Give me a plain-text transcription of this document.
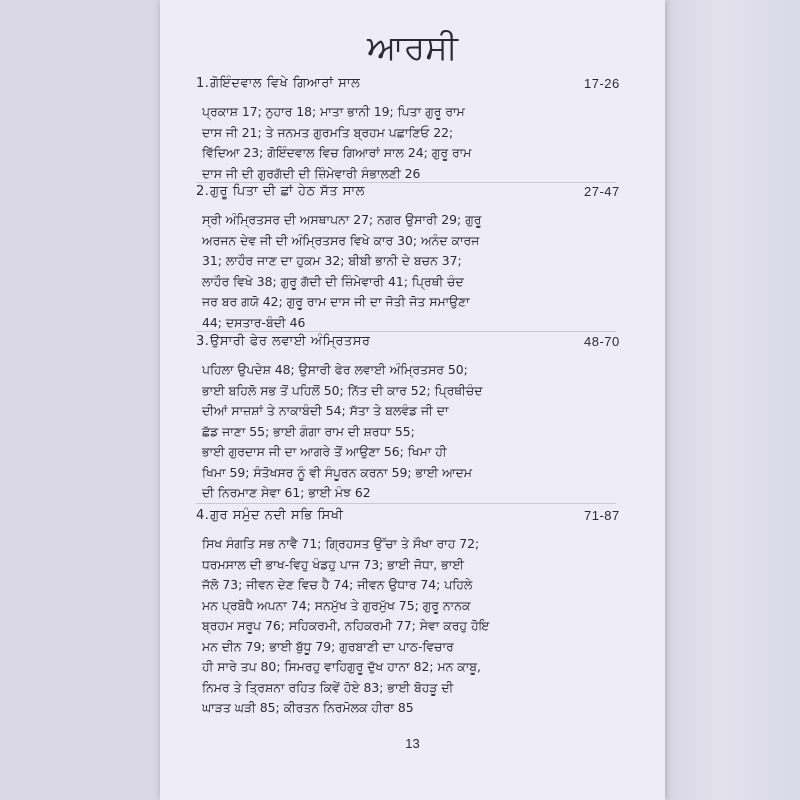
ਆਰਸੀ
1. ਗੋਇੰਦਵਾਲ ਵਿਖੇ ਗਿਆਰਾਂ ਸਾਲ	17-26

ਪ੍ਰਕਾਸ਼ 17; ਨੁਹਾਰ 18; ਮਾਤਾ ਭਾਨੀ 19; ਪਿਤਾ ਗੁਰੂ ਰਾਮ

ਦਾਸ ਜੀ 21; ਤੇ ਜਨਮਤ ਗੁਰਮਤਿ ਬ੍ਰਹਮ ਪਛਾਣਿਓ 22;

ਵਿੱਦਿਆ 23; ਗੋਇੰਦਵਾਲ ਵਿਚ ਗਿਆਰਾਂ ਸਾਲ 24; ਗੁਰੂ ਰਾਮ

ਦਾਸ ਜੀ ਦੀ ਗੁਰਗੱਦੀ ਦੀ ਜ਼ਿੰਮੇਵਾਰੀ ਸੰਭਾਲਣੀ 26

2. ਗੁਰੂ ਪਿਤਾ ਦੀ ਛਾਂ ਹੇਠ ਸੱਤ ਸਾਲ	27-47

ਸ੍ਰੀ ਅੰਮ੍ਰਿਤਸਰ ਦੀ ਅਸਥਾਪਨਾ 27; ਨਗਰ ਉਸਾਰੀ 29; ਗੁਰੂ

ਅਰਜਨ ਦੇਵ ਜੀ ਦੀ ਅੰਮ੍ਰਿਤਸਰ ਵਿਖੇ ਕਾਰ 30; ਅਨੰਦ ਕਾਰਜ

31; ਲਾਹੌਰ ਜਾਣ ਦਾ ਹੁਕਮ 32; ਬੀਬੀ ਭਾਨੀ ਦੇ ਬਚਨ 37;

ਲਾਹੌਰ ਵਿਖੇ 38; ਗੁਰੂ ਗੱਦੀ ਦੀ ਜ਼ਿੰਮੇਵਾਰੀ 41; ਪ੍ਰਿਥੀ ਚੰਦ

ਜਰ ਬਰ ਗਯੋ 42; ਗੁਰੂ ਰਾਮ ਦਾਸ ਜੀ ਦਾ ਜੋਤੀ ਜੋਤ ਸਮਾਉਣਾ

44; ਦਸਤਾਰ-ਬੰਦੀ 46

3. ਉਸਾਰੀ ਫੇਰ ਲਵਾਈ ਅੰਮ੍ਰਿਤਸਰ	48-70

ਪਹਿਲਾ ਉਪਦੇਸ਼ 48; ਉਸਾਰੀ ਫੇਰ ਲਵਾਈ ਅੰਮ੍ਰਿਤਸਰ 50;

ਭਾਈ ਬਹਿਲੋ ਸਭ ਤੋਂ ਪਹਿਲੋਂ 50; ਨਿੱਤ ਦੀ ਕਾਰ 52; ਪ੍ਰਿਥੀਚੰਦ

ਦੀਆਂ ਸਾਜ਼ਸ਼ਾਂ ਤੇ ਨਾਕਾਬੰਦੀ 54; ਸੱਤਾ ਤੇ ਬਲਵੰਡ ਜੀ ਦਾ

ਛੱਡ ਜਾਣਾ 55; ਭਾਈ ਗੰਗਾ ਰਾਮ ਦੀ ਸ਼ਰਧਾ 55;

ਭਾਈ ਗੁਰਦਾਸ ਜੀ ਦਾ ਆਗਰੇ ਤੋਂ ਆਉਣਾ 56; ਖਿਮਾ ਹੀ

ਖਿਮਾ 59; ਸੰਤੋਖਸਰ ਨੂੰ ਵੀ ਸੰਪੂਰਨ ਕਰਨਾ 59; ਭਾਈ ਆਦਮ

ਦੀ ਨਿਰਮਾਣ ਸੇਵਾ 61; ਭਾਈ ਮੰਝ 62

4. ਗੁਰ ਸਮੁੰਦ ਨਦੀ ਸਭਿ ਸਿਖੀ	71-87

ਸਿਖ ਸੰਗਤਿ ਸਭ ਨਾਵੈ 71; ਗ੍ਰਿਹਸਤ ਉੱਚਾ ਤੇ ਸੌਖਾ ਰਾਹ 72;

ਧਰਮਸਾਲ ਦੀ ਭਾਖ-ਵਿਹੁ ਖੰਡਹੁ ਪਾਜ 73; ਭਾਈ ਜੋਧਾ, ਭਾਈ

ਜੱਲੋ 73; ਜੀਵਨ ਦੇਣ ਵਿਚ ਹੈ 74; ਜੀਵਨ ਉਧਾਰ 74; ਪਹਿਲੇ

ਮਨ ਪ੍ਰਬੋਧੈ ਅਪਨਾ 74; ਸਨਮੁੱਖ ਤੇ ਗੁਰਮੁੱਖ 75; ਗੁਰੂ ਨਾਨਕ

ਬ੍ਰਹਮ ਸਰੂਪ 76; ਸਹਿਕਰਮੀ, ਨਹਿਕਰਮੀ 77; ਸੇਵਾ ਕਰਹੁ ਹੋਇ

ਮਨ ਦੀਨ 79; ਭਾਈ ਬੁੱਧੂ 79; ਗੁਰਬਾਣੀ ਦਾ ਪਾਠ-ਵਿਚਾਰ

ਹੀ ਸਾਰੇ ਤਪ 80; ਸਿਮਰਹੁ ਵਾਹਿਗੁਰੂ ਦੁੱਖ ਹਾਨਾ 82; ਮਨ ਕਾਬੂ,

ਨਿਮਰ ਤੇ ਤ੍ਰਿਸ਼ਨਾ ਰਹਿਤ ਕਿਵੇਂ ਹੋਏ 83; ਭਾਈ ਬੋਹੜੂ ਦੀ

ਘਾੜਤ ਘੜੀ 85; ਕੀਰਤਨ ਨਿਰਮੋਲਕ ਹੀਰਾ 85

13
